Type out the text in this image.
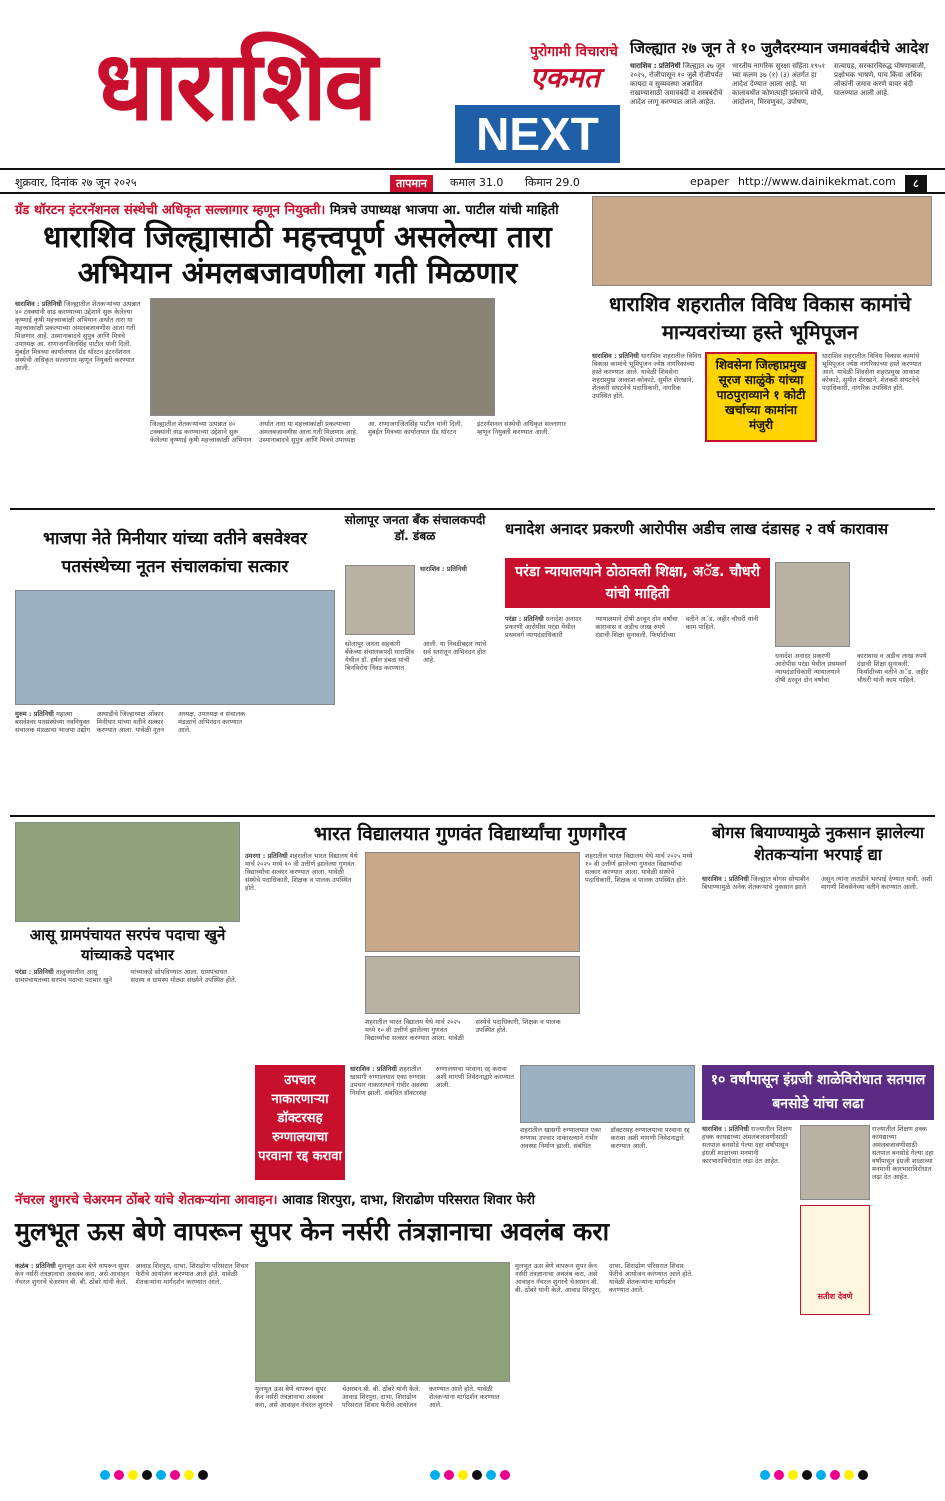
धाराशिव	पुरोगामी विचाराचे
एकमत
NEXT
जिल्ह्यात २७ जून ते १० जुलैदरम्यान जमावबंदीचे आदेश
धाराशिव : प्रतिनिधी जिल्ह्यात २७ जून २०२५, रोजीपासून १० जुलै रोजीपर्यंत कायदा व सुव्यवस्था अबाधित राखण्यासाठी जमावबंदी व शस्त्रबंदीचे आदेश लागू करण्यात आले आहेत. भारतीय नागरिक सुरक्षा संहिता १९५१ च्या कलम ३७ (१) (३) अंतर्गत हा आदेश देण्यात आला आहे. या कालावधीत कोणत्याही प्रकारचे मोर्चे, आंदोलन, मिरवणुका, उपोषण, सत्याग्रह, सरकारविरुद्ध घोषणाबाजी, प्रक्षोभक भाषणे, पाच किंवा अधिक लोकांनी जमाव करणे यावर बंदी घालण्यात आली आहे.
शुक्रवार, दिनांक २७ जून २०२५	तापमान	कमाल 31.0 किमान 29.0	epaper http://www.dainikekmat.com	८
ग्रँड थॉरटन इंटरनॅशनल संस्थेची अधिकृत सल्लागार म्हणून नियुक्ती। मित्रचे उपाध्यक्ष भाजपा आ. पाटील यांची माहिती
धाराशिव जिल्ह्यासाठी महत्त्वपूर्ण असलेल्या तारा अभियान अंमलबजावणीला गती मिळणार
धाराशिव : प्रतिनिधी जिल्ह्यातील शेतकऱ्यांच्या उत्पन्नात ४० टक्क्यांनी वाढ करण्याच्या उद्देशाने सुरू केलेल्या कृष्णाई कृषी महत्त्वाकांक्षी अभियान अर्थात तारा या महत्त्वाकांक्षी प्रकल्पाच्या अंमलबजावणीस आता गती मिळणार आहे. उस्मानाबादचे सुपुत्र आणि मित्रचे उपाध्यक्ष आ. राणाजगजितसिंह पाटील यांनी दिली. मुंबईत मित्रच्या कार्यालयात ग्रँड थॉरटन इंटरनॅशनल संस्थेची अधिकृत सल्लागार म्हणून नियुक्ती करण्यात आली.
जिल्ह्यातील शेतकऱ्यांच्या उत्पन्नात ४० टक्क्यांनी वाढ करण्याच्या उद्देशाने सुरू केलेल्या कृष्णाई कृषी महत्त्वाकांक्षी अभियान अर्थात तारा या महत्त्वाकांक्षी प्रकल्पाच्या अंमलबजावणीस आता गती मिळणार आहे. उस्मानाबादचे सुपुत्र आणि मित्रचे उपाध्यक्ष आ. राणाजगजितसिंह पाटील यांनी दिली. मुंबईत मित्रच्या कार्यालयात ग्रँड थॉरटन इंटरनॅशनल संस्थेची अधिकृत सल्लागार म्हणून नियुक्ती करण्यात आली.
धाराशिव शहरातील विविध विकास कामांचे मान्यवरांच्या हस्ते भूमिपूजन
धाराशिव : प्रतिनिधी धाराशिव शहरातील विविध विकास कामांचे भूमिपूजन ज्येष्ठ नागरिकांच्या हस्ते करण्यात आले. यावेळी शिवसेना शहरप्रमुख आकाश कोकाटे, सुमीत शेरखाने, शेतकरी संघटनेचे पदाधिकारी, नागरिक उपस्थित होते.
शिवसेना जिल्हाप्रमुख सूरज साळुंके यांच्या पाठपुराव्याने १ कोटी खर्चाच्या कामांना मंजुरी
धाराशिव शहरातील विविध विकास कामांचे भूमिपूजन ज्येष्ठ नागरिकांच्या हस्ते करण्यात आले. यावेळी शिवसेना शहरप्रमुख आकाश कोकाटे, सुमीत शेरखाने, शेतकरी संघटनेचे पदाधिकारी, नागरिक उपस्थित होते.
भाजपा नेते मिनीयार यांच्या वतीने बसवेश्वर पतसंस्थेच्या नूतन संचालकांचा सत्कार
मुरुम : प्रतिनिधी महात्मा बसवेश्वर पतसंस्थेच्या नवनियुक्त संचालक मंडळाचा भाजपा उद्योग आघाडीचे जिल्हाध्यक्ष ओंकार मिनीयार यांच्या वतीने सत्कार करण्यात आला. यावेळी नूतन अध्यक्ष, उपाध्यक्ष व संचालक मंडळाचे अभिनंदन करण्यात आले.
सोलापूर जनता बँक संचालकपदी डॉ. डंबळ
धाराशिव : प्रतिनिधी
सोलापूर जनता सहकारी बँकेच्या संचालकपदी धाराशिव येथील डॉ. हर्षल डंबळ यांची बिनविरोध निवड करण्यात आली. या निवडीबद्दल त्यांचे सर्व स्तरातून अभिनंदन होत आहे.
धनादेश अनादर प्रकरणी आरोपीस अडीच लाख दंडासह २ वर्ष कारावास
परंडा न्यायालयाने ठोठावली शिक्षा, अॅड. चौधरी यांची माहिती
परंडा : प्रतिनिधी धनादेश अनादर प्रकरणी आरोपीस परंडा येथील प्रथमवर्ग न्यायदंडाधिकारी न्यायालयाने दोषी ठरवून दोन वर्षांचा कारावास व अडीच लाख रुपये दंडाची शिक्षा सुनावली. फिर्यादीच्या वतीने अॅड. जहीर चौधरी यांनी काम पाहिले.
धनादेश अनादर प्रकरणी आरोपीस परंडा येथील प्रथमवर्ग न्यायदंडाधिकारी न्यायालयाने दोषी ठरवून दोन वर्षांचा कारावास व अडीच लाख रुपये दंडाची शिक्षा सुनावली. फिर्यादीच्या वतीने अॅड. जहीर चौधरी यांनी काम पाहिले.
आसू ग्रामपंचायत सरपंच पदाचा खुने यांच्याकडे पदभार
परंडा : प्रतिनिधी तालुक्यातील आसू ग्रामपंचायतच्या सरपंच पदाचा पदभार खुने यांच्याकडे सोपविण्यात आला. ग्रामपंचायत सदस्य व ग्रामस्थ मोठ्या संख्येने उपस्थित होते.
भारत विद्यालयात गुणवंत विद्यार्थ्यांचा गुणगौरव
उमरगा : प्रतिनिधी शहरातील भारत विद्यालय येथे मार्च २०२५ मध्ये १० वी उत्तीर्ण झालेल्या गुणवंत विद्यार्थ्यांचा सत्कार करण्यात आला. यावेळी संस्थेचे पदाधिकारी, शिक्षक व पालक उपस्थित होते.
शहरातील भारत विद्यालय येथे मार्च २०२५ मध्ये १० वी उत्तीर्ण झालेल्या गुणवंत विद्यार्थ्यांचा सत्कार करण्यात आला. यावेळी संस्थेचे पदाधिकारी, शिक्षक व पालक उपस्थित होते.
शहरातील भारत विद्यालय येथे मार्च २०२५ मध्ये १० वी उत्तीर्ण झालेल्या गुणवंत विद्यार्थ्यांचा सत्कार करण्यात आला. यावेळी संस्थेचे पदाधिकारी, शिक्षक व पालक उपस्थित होते.
बोगस बियाण्यामुळे नुकसान झालेल्या शेतकऱ्यांना भरपाई द्या
धाराशिव : प्रतिनिधी जिल्ह्यात बोगस सोयाबीन बियाण्यामुळे अनेक शेतकऱ्यांचे नुकसान झाले असून त्यांना तातडीने भरपाई देण्यात यावी, अशी मागणी शिवसेनेच्या वतीने करण्यात आली.
उपचार नाकारणाऱ्या डॉक्टरसह रुग्णालयाचा परवाना रद्द करावा
धाराशिव : प्रतिनिधी शहरातील खासगी रुग्णालयात एका रुग्णास उपचार नाकारल्याने गंभीर अवस्था निर्माण झाली. संबंधित डॉक्टरसह रुग्णालयाचा परवाना रद्द करावा अशी मागणी निवेदनाद्वारे करण्यात आली.
शहरातील खासगी रुग्णालयात एका रुग्णास उपचार नाकारल्याने गंभीर अवस्था निर्माण झाली. संबंधित डॉक्टरसह रुग्णालयाचा परवाना रद्द करावा अशी मागणी निवेदनाद्वारे करण्यात आली.
१० वर्षांपासून इंग्रजी शाळेविरोधात सतपाल बनसोडे यांचा लढा
धाराशिव : प्रतिनिधी राज्यातील शिक्षण हक्क कायद्याच्या अंमलबजावणीसाठी सतपाल बनसोडे गेल्या दहा वर्षांपासून इंग्रजी शाळांच्या मनमानी कारभाराविरोधात लढा देत आहेत.
सतीश देवणे
राज्यातील शिक्षण हक्क कायद्याच्या अंमलबजावणीसाठी सतपाल बनसोडे गेल्या दहा वर्षांपासून इंग्रजी शाळांच्या मनमानी कारभाराविरोधात लढा देत आहेत.
नॅचरल शुगरचे चेअरमन ठोंबरे यांचे शेतकऱ्यांना आवाहन। आवाड शिरपुरा, दाभा, शिराढोण परिसरात शिवार फेरी
मुलभूत ऊस बेणे वापरून सुपर केन नर्सरी तंत्रज्ञानाचा अवलंब करा
कळंब : प्रतिनिधी मुलभूत ऊस बेणे वापरून सुपर केन नर्सरी तंत्रज्ञानाचा अवलंब करा, असे आवाहन नॅचरल शुगरचे चेअरमन बी. बी. ठोंबरे यांनी केले. आवाड शिरपुरा, दाभा, शिराढोण परिसरात शिवार फेरीचे आयोजन करण्यात आले होते. यावेळी शेतकऱ्यांना मार्गदर्शन करण्यात आले.
मुलभूत ऊस बेणे वापरून सुपर केन नर्सरी तंत्रज्ञानाचा अवलंब करा, असे आवाहन नॅचरल शुगरचे चेअरमन बी. बी. ठोंबरे यांनी केले. आवाड शिरपुरा, दाभा, शिराढोण परिसरात शिवार फेरीचे आयोजन करण्यात आले होते. यावेळी शेतकऱ्यांना मार्गदर्शन करण्यात आले.
मुलभूत ऊस बेणे वापरून सुपर केन नर्सरी तंत्रज्ञानाचा अवलंब करा, असे आवाहन नॅचरल शुगरचे चेअरमन बी. बी. ठोंबरे यांनी केले. आवाड शिरपुरा, दाभा, शिराढोण परिसरात शिवार फेरीचे आयोजन करण्यात आले होते. यावेळी शेतकऱ्यांना मार्गदर्शन करण्यात आले.
